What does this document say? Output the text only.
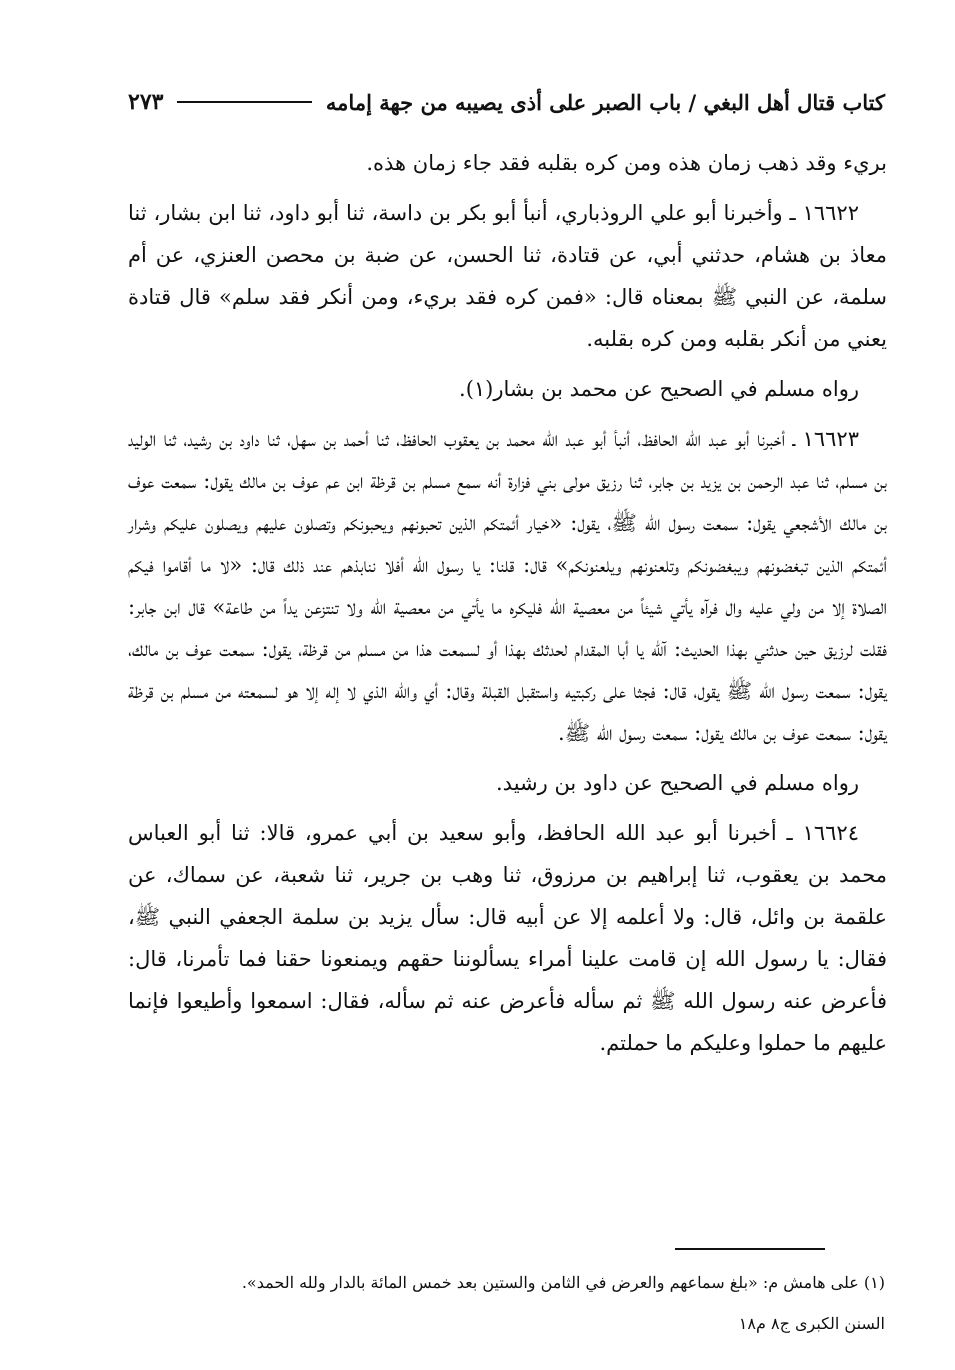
كتاب قتال أهل البغي / باب الصبر على أذى يصيبه من جهة إمامه
٢٧٣

بريء وقد ذهب زمان هذه ومن كره بقلبه فقد جاء زمان هذه.

١٦٦٢٢ ـ وأخبرنا أبو علي الروذباري، أنبأ أبو بكر بن داسة، ثنا أبو داود، ثنا ابن بشار، ثنا معاذ بن هشام، حدثني أبي، عن قتادة، ثنا الحسن، عن ضبة بن محصن العنزي، عن أم سلمة، عن النبي ﷺ بمعناه قال: «فمن كره فقد بريء، ومن أنكر فقد سلم» قال قتادة يعني من أنكر بقلبه ومن كره بقلبه.

رواه مسلم في الصحيح عن محمد بن بشار(١).

١٦٦٢٣ ـ أخبرنا أبو عبد الله الحافظ، أنبأ أبو عبد الله محمد بن يعقوب الحافظ، ثنا أحمد بن سهل، ثنا داود بن رشيد، ثنا الوليد بن مسلم، ثنا عبد الرحمن بن يزيد بن جابر، ثنا رزيق مولى بني فزارة أنه سمع مسلم بن قرظة ابن عم عوف بن مالك يقول: سمعت عوف بن مالك الأشجعي يقول: سمعت رسول الله ﷺ، يقول: «خيار أئمتكم الذين تحبونهم ويحبونكم وتصلون عليهم ويصلون عليكم وشرار أئمتكم الذين تبغضونهم ويبغضونكم وتلعنونهم ويلعنونكم» قال: قلنا: يا رسول الله أفلا ننابذهم عند ذلك قال: «لا ما أقاموا فيكم الصلاة إلا من ولي عليه وال فرآه يأتي شيئاً من معصية الله فليكره ما يأتي من معصية الله ولا تنتزعن يداً من طاعة» قال ابن جابر: فقلت لرزيق حين حدثني بهذا الحديث: آلله يا أبا المقدام لحدثك بهذا أو لسمعت هذا من مسلم من قرظة، يقول: سمعت عوف بن مالك، يقول: سمعت رسول الله ﷺ يقول، قال: فجثا على ركبتيه واستقبل القبلة وقال: أي والله الذي لا إله إلا هو لسمعته من مسلم بن قرظة يقول: سمعت عوف بن مالك يقول: سمعت رسول الله ﷺ.

رواه مسلم في الصحيح عن داود بن رشيد.

١٦٦٢٤ ـ أخبرنا أبو عبد الله الحافظ، وأبو سعيد بن أبي عمرو، قالا: ثنا أبو العباس محمد بن يعقوب، ثنا إبراهيم بن مرزوق، ثنا وهب بن جرير، ثنا شعبة، عن سماك، عن علقمة بن وائل، قال: ولا أعلمه إلا عن أبيه قال: سأل يزيد بن سلمة الجعفي النبي ﷺ، فقال: يا رسول الله إن قامت علينا أمراء يسألوننا حقهم ويمنعونا حقنا فما تأمرنا، قال: فأعرض عنه رسول الله ﷺ ثم سأله فأعرض عنه ثم سأله، فقال: اسمعوا وأطيعوا فإنما عليهم ما حملوا وعليكم ما حملتم.

(١) على هامش م: «بلغ سماعهم والعرض في الثامن والستين بعد خمس المائة بالدار ولله الحمد».
السنن الكبرى ج٨ م١٨
